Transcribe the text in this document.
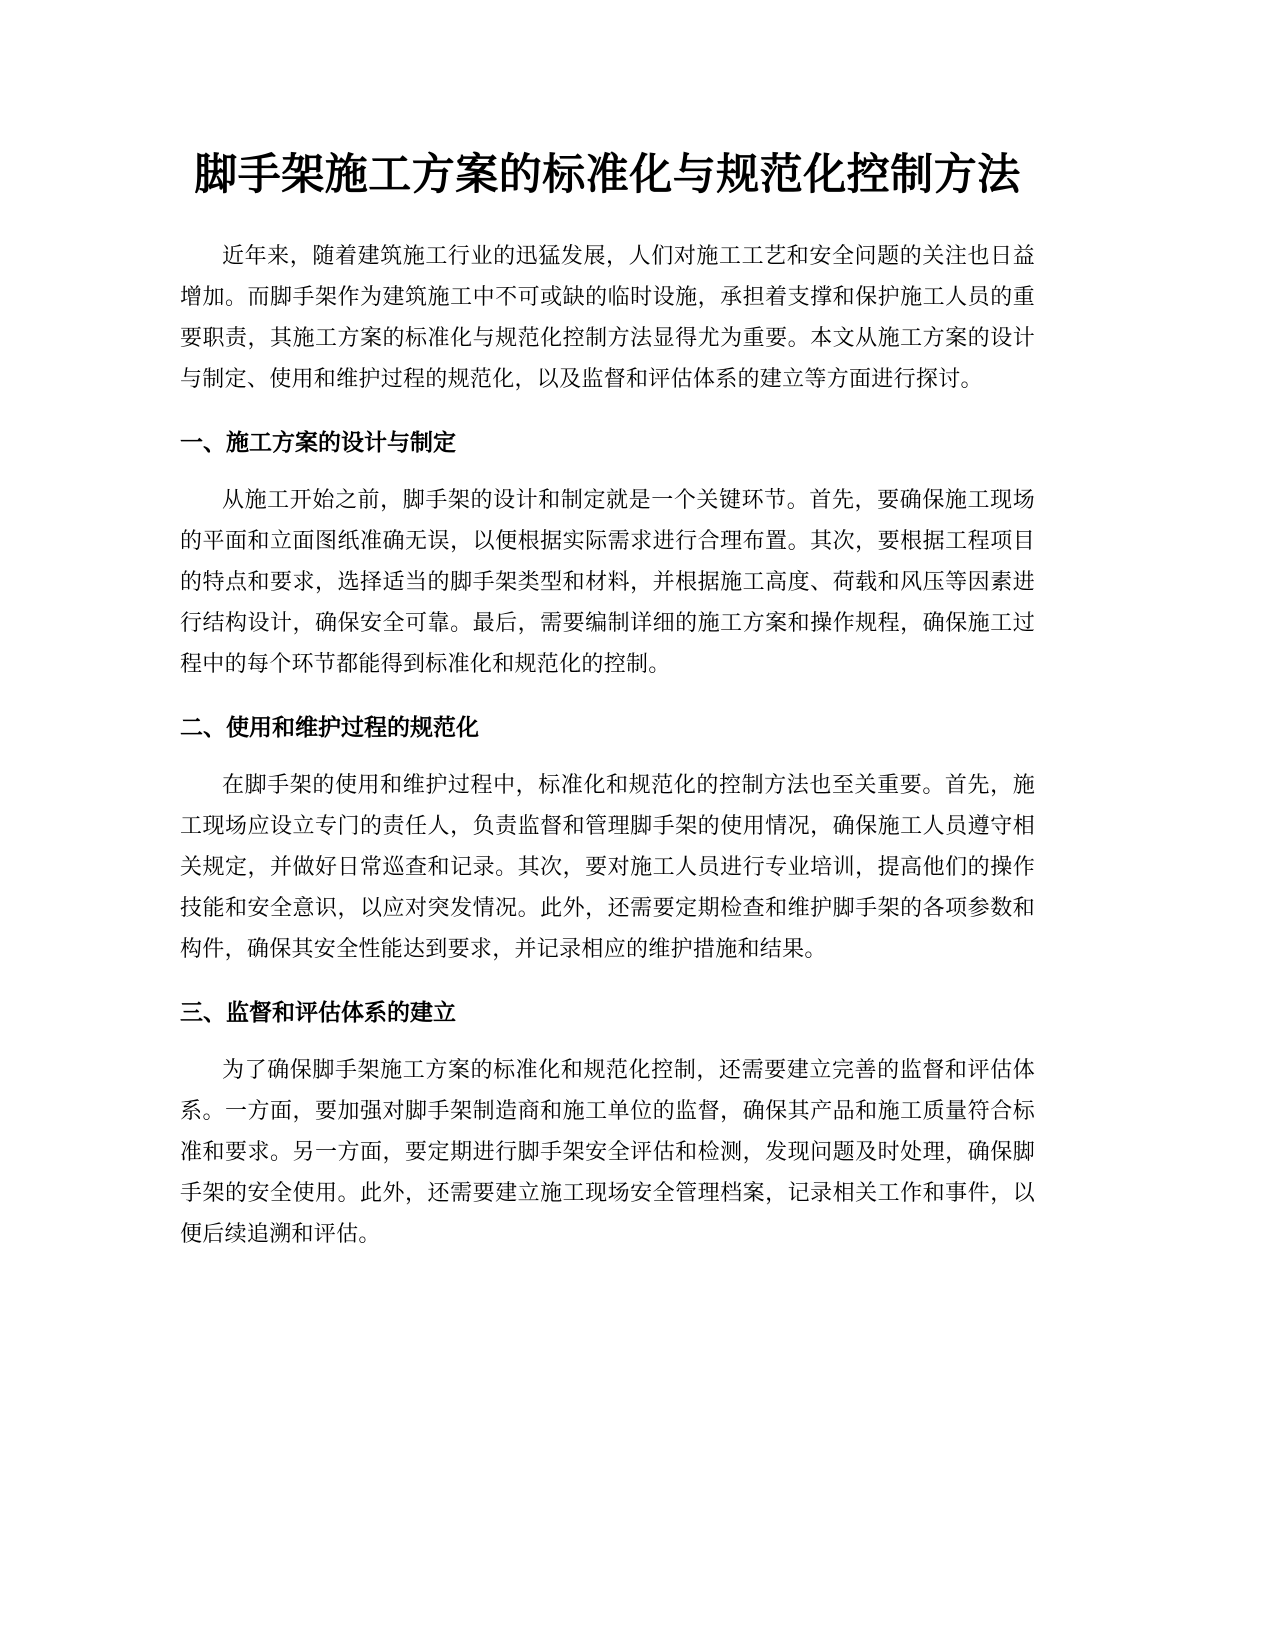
脚手架施工方案的标准化与规范化控制方法

近年来，随着建筑施工行业的迅猛发展，人们对施工工艺和安全问题的关注也日益增加。而脚手架作为建筑施工中不可或缺的临时设施，承担着支撑和保护施工人员的重要职责，其施工方案的标准化与规范化控制方法显得尤为重要。本文从施工方案的设计与制定、使用和维护过程的规范化，以及监督和评估体系的建立等方面进行探讨。

一、施工方案的设计与制定

从施工开始之前，脚手架的设计和制定就是一个关键环节。首先，要确保施工现场的平面和立面图纸准确无误，以便根据实际需求进行合理布置。其次，要根据工程项目的特点和要求，选择适当的脚手架类型和材料，并根据施工高度、荷载和风压等因素进行结构设计，确保安全可靠。最后，需要编制详细的施工方案和操作规程，确保施工过程中的每个环节都能得到标准化和规范化的控制。

二、使用和维护过程的规范化

在脚手架的使用和维护过程中，标准化和规范化的控制方法也至关重要。首先，施工现场应设立专门的责任人，负责监督和管理脚手架的使用情况，确保施工人员遵守相关规定，并做好日常巡查和记录。其次，要对施工人员进行专业培训，提高他们的操作技能和安全意识，以应对突发情况。此外，还需要定期检查和维护脚手架的各项参数和构件，确保其安全性能达到要求，并记录相应的维护措施和结果。

三、监督和评估体系的建立

为了确保脚手架施工方案的标准化和规范化控制，还需要建立完善的监督和评估体系。一方面，要加强对脚手架制造商和施工单位的监督，确保其产品和施工质量符合标准和要求。另一方面，要定期进行脚手架安全评估和检测，发现问题及时处理，确保脚手架的安全使用。此外，还需要建立施工现场安全管理档案，记录相关工作和事件，以便后续追溯和评估。
